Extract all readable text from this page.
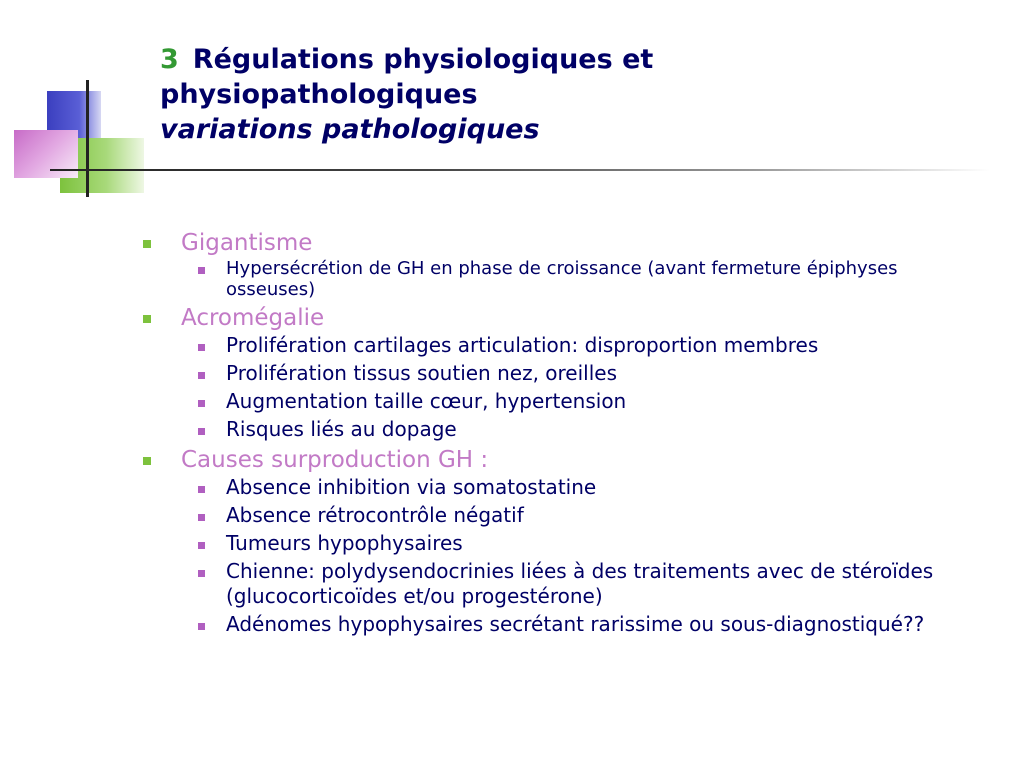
3 Régulations physiologiques et
physiopathologiques
variations pathologiques
Gigantisme
Hypersécrétion de GH en phase de croissance (avant fermeture épiphyses osseuses)
Acromégalie
Prolifération cartilages articulation: disproportion membres
Prolifération tissus soutien nez, oreilles
Augmentation taille cœur, hypertension
Risques liés au dopage
Causes surproduction GH :
Absence inhibition via somatostatine
Absence rétrocontrôle négatif
Tumeurs hypophysaires
Chienne: polydysendocrinies liées à des traitements avec de stéroïdes (glucocorticoïdes et/ou progestérone)
Adénomes hypophysaires secrétant rarissime ou sous-diagnostiqué??
